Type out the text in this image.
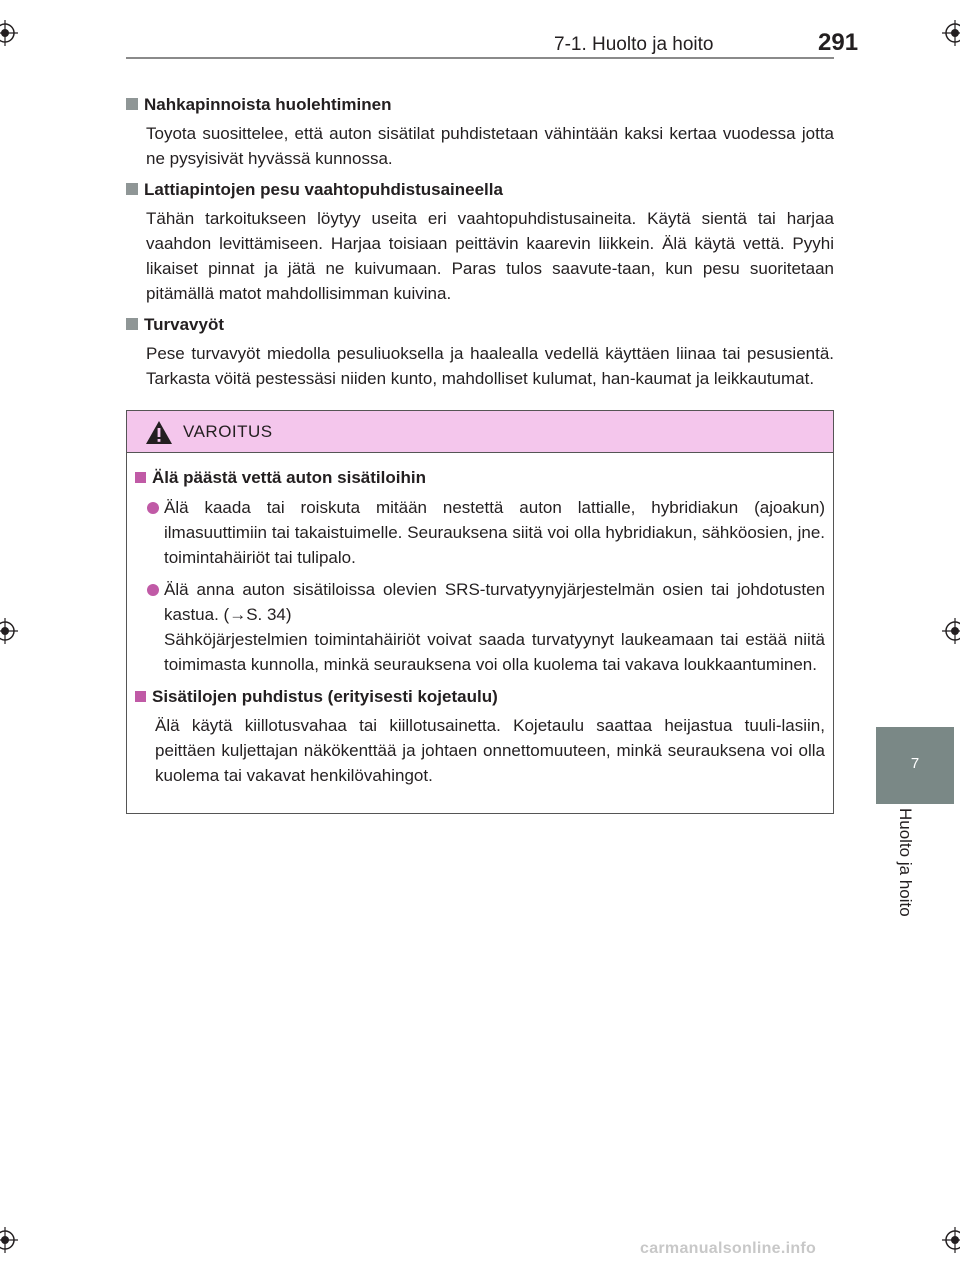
7-1. Huolto ja hoito	291
7
Huolto ja hoito

Nahkapinnoista huolehtiminen

Toyota suosittelee, että auton sisätilat puhdistetaan vähintään kaksi kertaa vuodessa jotta ne pysyisivät hyvässä kunnossa.

Lattiapintojen pesu vaahtopuhdistusaineella

Tähän tarkoitukseen löytyy useita eri vaahtopuhdistusaineita. Käytä sientä tai harjaa vaahdon levittämiseen. Harjaa toisiaan peittävin kaarevin liikkein. Älä käytä vettä. Pyyhi likaiset pinnat ja jätä ne kuivumaan. Paras tulos saavute-taan, kun pesu suoritetaan pitämällä matot mahdollisimman kuivina.

Turvavyöt

Pese turvavyöt miedolla pesuliuoksella ja haalealla vedellä käyttäen liinaa tai pesusientä. Tarkasta vöitä pestessäsi niiden kunto, mahdolliset kulumat, han-kaumat ja leikkautumat.

VAROITUS

Älä päästä vettä auton sisätiloihin

Älä kaada tai roiskuta mitään nestettä auton lattialle, hybridiakun (ajoakun) ilmasuuttimiin tai takaistuimelle. Seurauksena siitä voi olla hybridiakun, sähköosien, jne. toimintahäiriöt tai tulipalo.
Älä anna auton sisätiloissa olevien SRS-turvatyynyjärjestelmän osien tai johdotusten kastua. (→S. 34)
Sähköjärjestelmien toimintahäiriöt voivat saada turvatyynyt laukeamaan tai estää niitä toimimasta kunnolla, minkä seurauksena voi olla kuolema tai vakava loukkaantuminen.

Sisätilojen puhdistus (erityisesti kojetaulu)

Älä käytä kiillotusvahaa tai kiillotusainetta. Kojetaulu saattaa heijastua tuuli-lasiin, peittäen kuljettajan näkökenttää ja johtaen onnettomuuteen, minkä seurauksena voi olla kuolema tai vakavat henkilövahingot.

carmanualsonline.info
